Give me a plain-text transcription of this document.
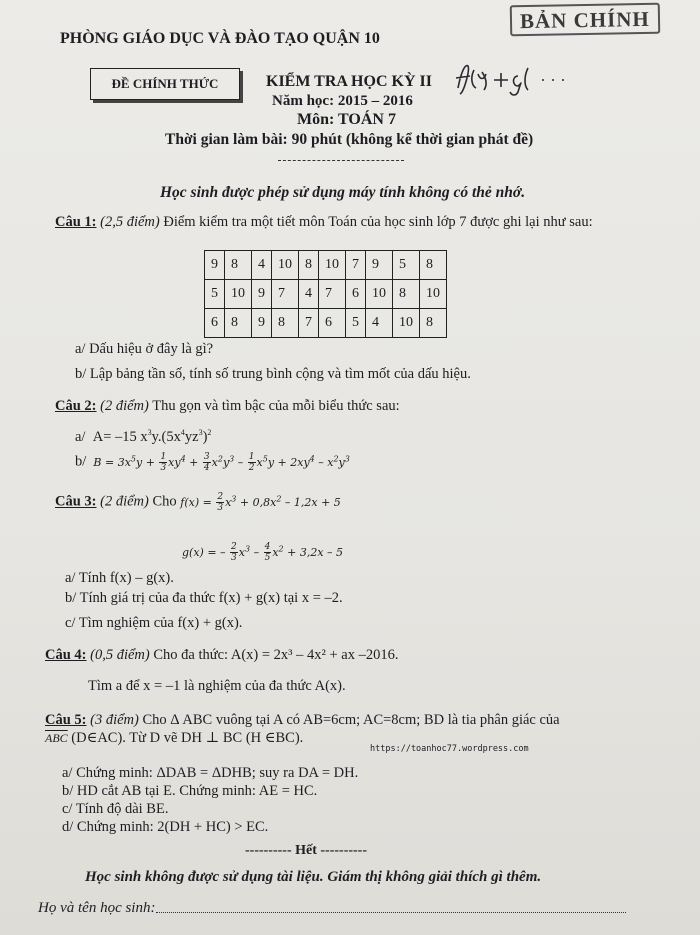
BẢN CHÍNH
PHÒNG GIÁO DỤC VÀ ĐÀO TẠO QUẬN 10
ĐỀ CHÍNH THỨC	KIỂM TRA HỌC KỲ II
Năm học: 2015 – 2016
Môn: TOÁN 7
Thời gian làm bài: 90 phút (không kể thời gian phát đề)
Học sinh được phép sử dụng máy tính không có thẻ nhớ.
Câu 1: (2,5 điểm) Điểm kiểm tra một tiết môn Toán của học sinh lớp 7 được ghi lại như sau:
9	8	4	10	8	10	7	9	5	8
5	10	9	7	4	7	6	10	8	10
6	8	9	8	7	6	5	4	10	8
a/ Dấu hiệu ở đây là gì?
b/ Lập bảng tần số, tính số trung bình cộng và tìm mốt của dấu hiệu.
Câu 2: (2 điểm) Thu gọn và tìm bậc của mỗi biểu thức sau:
a/  A= –15 $x^3y.(5x^4yz^3)^2$
b/  $B = 3x^5y + \frac{1}{3} xy^4 + \frac{3}{4} x^2y^3 - \frac{1}{2} x^5y + 2xy^4 - x^2y^3$
Câu 3: (2 điểm) Cho $f(x) = \frac{2}{3} x^3 + 0,8x^2 - 1,2x + 5$
g(x) = – $\frac{2}{3} x^3 - \frac{4}{5} x^2 + 3,2x - 5$
a/ Tính f(x) – g(x).
b/ Tính giá trị của đa thức f(x) + g(x) tại x = –2.
c/ Tìm nghiệm của f(x) + g(x).
Câu 4: (0,5 điểm) Cho đa thức: A(x) = 2x³ – 4x² + ax –2016.
Tìm a để x = –1 là nghiệm của đa thức A(x).
Câu 5: (3 điểm) Cho Δ ABC vuông tại A có AB=6cm; AC=8cm; BD là tia phân giác của
$\overline{ABC}$ (D∈AC). Từ D vẽ DH ⊥ BC (H ∈BC).
https://toanhoc77.wordpress.com
a/ Chứng minh: ΔDAB = ΔDHB; suy ra DA = DH.
b/ HD cắt AB tại E. Chứng minh: AE = HC.
c/ Tính độ dài BE.
d/ Chứng minh: 2(DH + HC) > EC.
---------- Hết ----------
Học sinh không được sử dụng tài liệu. Giám thị không giải thích gì thêm.
Họ và tên học sinh:
